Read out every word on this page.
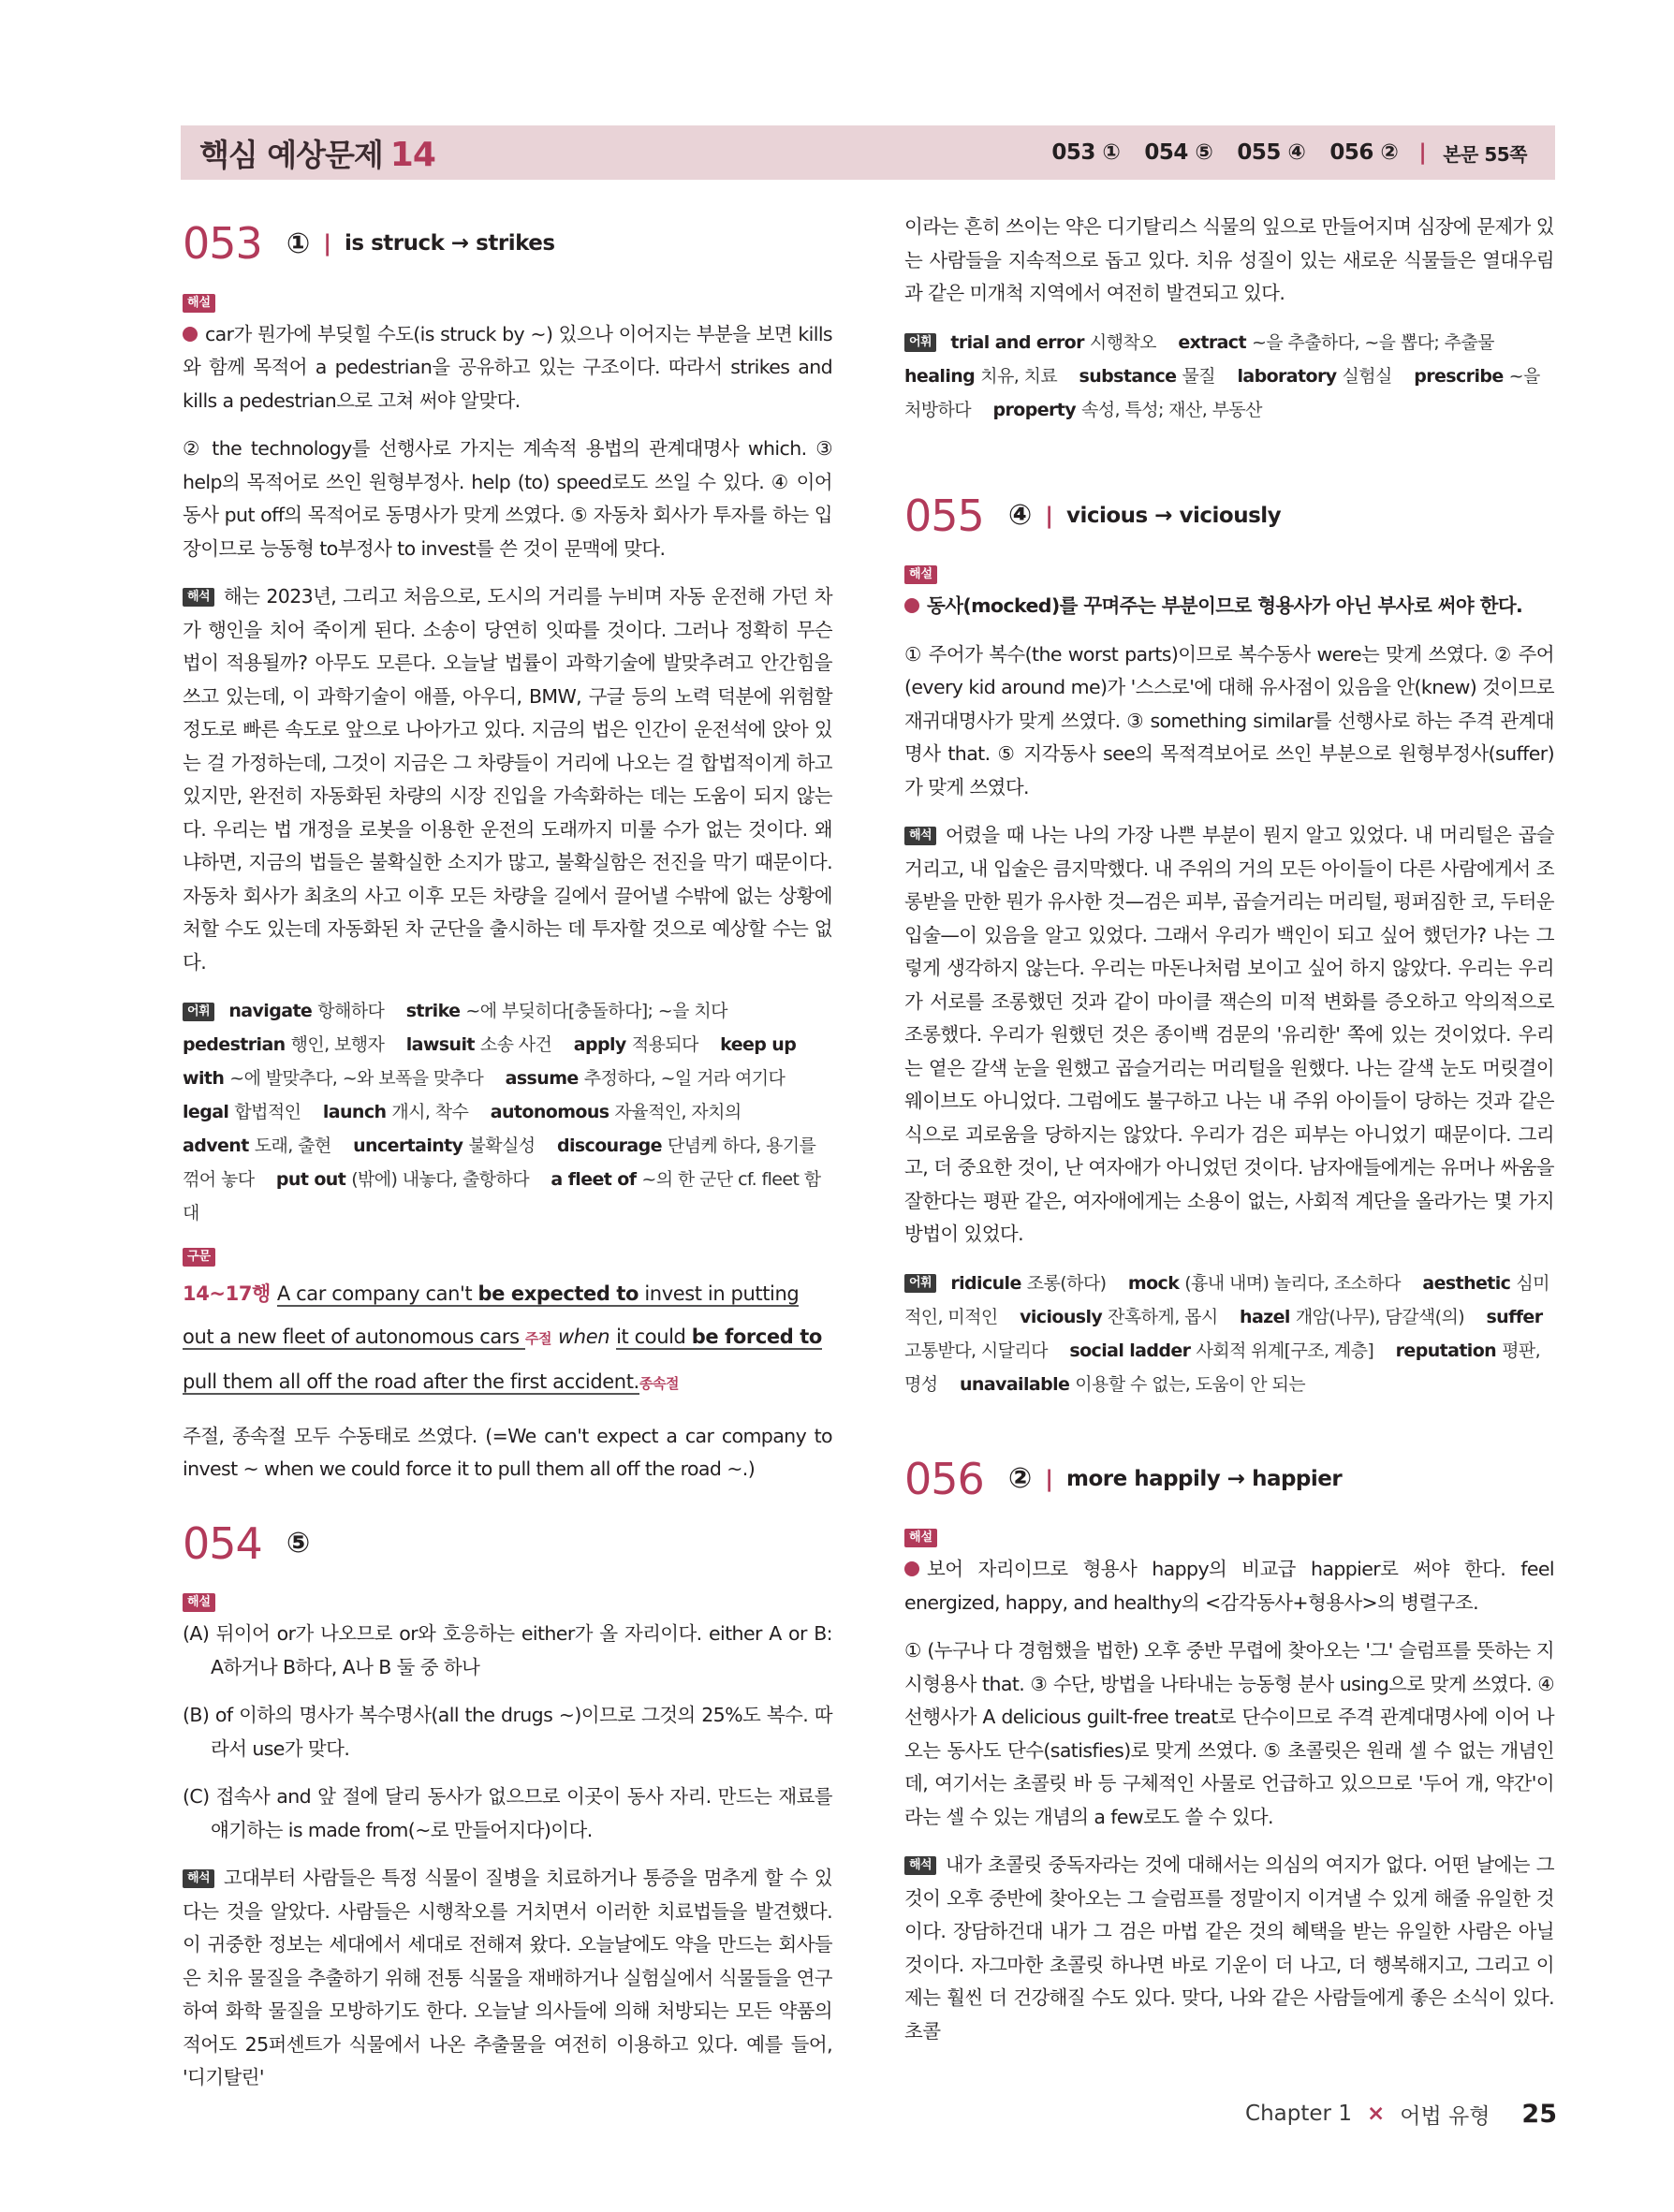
핵심 예상문제 14	053 ① 054 ⑤ 055 ④ 056 ② | 본문 55쪽
053 ① | is struck → strikes
해설

car가 뭔가에 부딪힐 수도(is struck by ~) 있으나 이어지는 부분을 보면 kills와 함께 목적어 a pedestrian을 공유하고 있는 구조이다. 따라서 strikes and kills a pedestrian으로 고쳐 써야 알맞다.

② the technology를 선행사로 가지는 계속적 용법의 관계대명사 which. ③ help의 목적어로 쓰인 원형부정사. help (to) speed로도 쓰일 수 있다. ④ 이어동사 put off의 목적어로 동명사가 맞게 쓰였다. ⑤ 자동차 회사가 투자를 하는 입장이므로 능동형 to부정사 to invest를 쓴 것이 문맥에 맞다.

해석 해는 2023년, 그리고 처음으로, 도시의 거리를 누비며 자동 운전해 가던 차가 행인을 치어 죽이게 된다. 소송이 당연히 잇따를 것이다. 그러나 정확히 무슨 법이 적용될까? 아무도 모른다. 오늘날 법률이 과학기술에 발맞추려고 안간힘을 쓰고 있는데, 이 과학기술이 애플, 아우디, BMW, 구글 등의 노력 덕분에 위험할 정도로 빠른 속도로 앞으로 나아가고 있다. 지금의 법은 인간이 운전석에 앉아 있는 걸 가정하는데, 그것이 지금은 그 차량들이 거리에 나오는 걸 합법적이게 하고 있지만, 완전히 자동화된 차량의 시장 진입을 가속화하는 데는 도움이 되지 않는다. 우리는 법 개정을 로봇을 이용한 운전의 도래까지 미룰 수가 없는 것이다. 왜냐하면, 지금의 법들은 불확실한 소지가 많고, 불확실함은 전진을 막기 때문이다. 자동차 회사가 최초의 사고 이후 모든 차량을 길에서 끌어낼 수밖에 없는 상황에 처할 수도 있는데 자동화된 차 군단을 출시하는 데 투자할 것으로 예상할 수는 없다.

어휘 navigate 항해하다 strike ~에 부딪히다[충돌하다]; ~을 치다 pedestrian 행인, 보행자 lawsuit 소송 사건 apply 적용되다 keep up with ~에 발맞추다, ~와 보폭을 맞추다 assume 추정하다, ~일 거라 여기다 legal 합법적인 launch 개시, 착수 autonomous 자율적인, 자치의 advent 도래, 출현 uncertainty 불확실성 discourage 단념케 하다, 용기를 꺾어 놓다 put out (밖에) 내놓다, 출항하다 a fleet of ~의 한 군단 cf. fleet 함대
구문
14~17행 A car company can't be expected to invest in putting out a new fleet of autonomous cars 주절 when it could be forced to pull them all off the road after the first accident.종속절

주절, 종속절 모두 수동태로 쓰였다. (=We can't expect a car company to invest ~ when we could force it to pull them all off the road ~.)

054 ⑤
해설

(A) 뒤이어 or가 나오므로 or와 호응하는 either가 올 자리이다. either A or B: A하거나 B하다, A나 B 둘 중 하나

(B) of 이하의 명사가 복수명사(all the drugs ~)이므로 그것의 25%도 복수. 따라서 use가 맞다.

(C) 접속사 and 앞 절에 달리 동사가 없으므로 이곳이 동사 자리. 만드는 재료를 얘기하는 is made from(~로 만들어지다)이다.

해석 고대부터 사람들은 특정 식물이 질병을 치료하거나 통증을 멈추게 할 수 있다는 것을 알았다. 사람들은 시행착오를 거치면서 이러한 치료법들을 발견했다. 이 귀중한 정보는 세대에서 세대로 전해져 왔다. 오늘날에도 약을 만드는 회사들은 치유 물질을 추출하기 위해 전통 식물을 재배하거나 실험실에서 식물들을 연구하여 화학 물질을 모방하기도 한다. 오늘날 의사들에 의해 처방되는 모든 약품의 적어도 25퍼센트가 식물에서 나온 추출물을 여전히 이용하고 있다. 예를 들어, '디기탈린'

이라는 흔히 쓰이는 약은 디기탈리스 식물의 잎으로 만들어지며 심장에 문제가 있는 사람들을 지속적으로 돕고 있다. 치유 성질이 있는 새로운 식물들은 열대우림과 같은 미개척 지역에서 여전히 발견되고 있다.

어휘 trial and error 시행착오 extract ~을 추출하다, ~을 뽑다; 추출물 healing 치유, 치료 substance 물질 laboratory 실험실 prescribe ~을 처방하다 property 속성, 특성; 재산, 부동산
055 ④ | vicious → viciously
해설

동사(mocked)를 꾸며주는 부분이므로 형용사가 아닌 부사로 써야 한다.

① 주어가 복수(the worst parts)이므로 복수동사 were는 맞게 쓰였다. ② 주어(every kid around me)가 '스스로'에 대해 유사점이 있음을 안(knew) 것이므로 재귀대명사가 맞게 쓰였다. ③ something similar를 선행사로 하는 주격 관계대명사 that. ⑤ 지각동사 see의 목적격보어로 쓰인 부분으로 원형부정사(suffer)가 맞게 쓰였다.

해석 어렸을 때 나는 나의 가장 나쁜 부분이 뭔지 알고 있었다. 내 머리털은 곱슬거리고, 내 입술은 큼지막했다. 내 주위의 거의 모든 아이들이 다른 사람에게서 조롱받을 만한 뭔가 유사한 것—검은 피부, 곱슬거리는 머리털, 펑퍼짐한 코, 두터운 입술—이 있음을 알고 있었다. 그래서 우리가 백인이 되고 싶어 했던가? 나는 그렇게 생각하지 않는다. 우리는 마돈나처럼 보이고 싶어 하지 않았다. 우리는 우리가 서로를 조롱했던 것과 같이 마이클 잭슨의 미적 변화를 증오하고 악의적으로 조롱했다. 우리가 원했던 것은 종이백 검문의 '유리한' 쪽에 있는 것이었다. 우리는 옅은 갈색 눈을 원했고 곱슬거리는 머리털을 원했다. 나는 갈색 눈도 머릿결이 웨이브도 아니었다. 그럼에도 불구하고 나는 내 주위 아이들이 당하는 것과 같은 식으로 괴로움을 당하지는 않았다. 우리가 검은 피부는 아니었기 때문이다. 그리고, 더 중요한 것이, 난 여자애가 아니었던 것이다. 남자애들에게는 유머나 싸움을 잘한다는 평판 같은, 여자애에게는 소용이 없는, 사회적 계단을 올라가는 몇 가지 방법이 있었다.

어휘 ridicule 조롱(하다) mock (흉내 내며) 놀리다, 조소하다 aesthetic 심미적인, 미적인 viciously 잔혹하게, 몹시 hazel 개암(나무), 담갈색(의) suffer고통받다, 시달리다 social ladder 사회적 위계[구조, 계층] reputation 평판, 명성 unavailable 이용할 수 없는, 도움이 안 되는
056 ② | more happily → happier
해설

보어 자리이므로 형용사 happy의 비교급 happier로 써야 한다. feel energized, happy, and healthy의 <감각동사+형용사>의 병렬구조.

① (누구나 다 경험했을 법한) 오후 중반 무렵에 찾아오는 '그' 슬럼프를 뜻하는 지시형용사 that. ③ 수단, 방법을 나타내는 능동형 분사 using으로 맞게 쓰였다. ④ 선행사가 A delicious guilt-free treat로 단수이므로 주격 관계대명사에 이어 나오는 동사도 단수(satisfies)로 맞게 쓰였다. ⑤ 초콜릿은 원래 셀 수 없는 개념인데, 여기서는 초콜릿 바 등 구체적인 사물로 언급하고 있으므로 '두어 개, 약간'이라는 셀 수 있는 개념의 a few로도 쓸 수 있다.

해석 내가 초콜릿 중독자라는 것에 대해서는 의심의 여지가 없다. 어떤 날에는 그것이 오후 중반에 찾아오는 그 슬럼프를 정말이지 이겨낼 수 있게 해줄 유일한 것이다. 장담하건대 내가 그 검은 마법 같은 것의 혜택을 받는 유일한 사람은 아닐 것이다. 자그마한 초콜릿 하나면 바로 기운이 더 나고, 더 행복해지고, 그리고 이제는 훨씬 더 건강해질 수도 있다. 맞다, 나와 같은 사람들에게 좋은 소식이 있다. 초콜

Chapter 1 × 어법 유형 25
